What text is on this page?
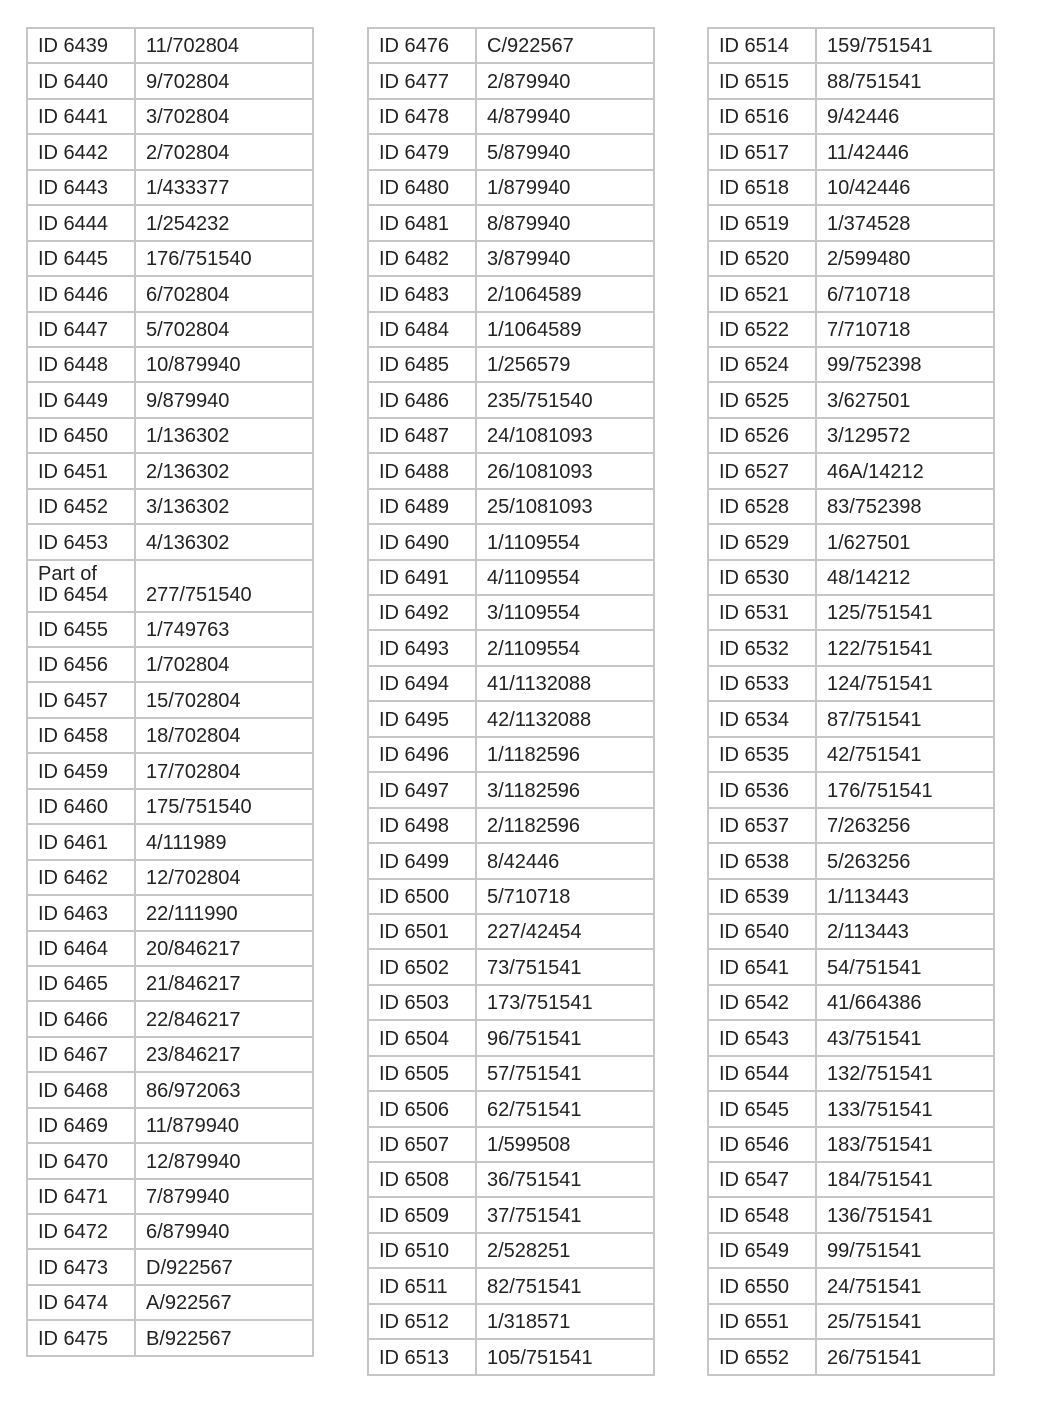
ID 6439	11/702804
ID 6440	9/702804
ID 6441	3/702804
ID 6442	2/702804
ID 6443	1/433377
ID 6444	1/254232
ID 6445	176/751540
ID 6446	6/702804
ID 6447	5/702804
ID 6448	10/879940
ID 6449	9/879940
ID 6450	1/136302
ID 6451	2/136302
ID 6452	3/136302
ID 6453	4/136302
Part of
ID 6454	277/751540
ID 6455	1/749763
ID 6456	1/702804
ID 6457	15/702804
ID 6458	18/702804
ID 6459	17/702804
ID 6460	175/751540
ID 6461	4/111989
ID 6462	12/702804
ID 6463	22/111990
ID 6464	20/846217
ID 6465	21/846217
ID 6466	22/846217
ID 6467	23/846217
ID 6468	86/972063
ID 6469	11/879940
ID 6470	12/879940
ID 6471	7/879940
ID 6472	6/879940
ID 6473	D/922567
ID 6474	A/922567
ID 6475	B/922567
ID 6476	C/922567
ID 6477	2/879940
ID 6478	4/879940
ID 6479	5/879940
ID 6480	1/879940
ID 6481	8/879940
ID 6482	3/879940
ID 6483	2/1064589
ID 6484	1/1064589
ID 6485	1/256579
ID 6486	235/751540
ID 6487	24/1081093
ID 6488	26/1081093
ID 6489	25/1081093
ID 6490	1/1109554
ID 6491	4/1109554
ID 6492	3/1109554
ID 6493	2/1109554
ID 6494	41/1132088
ID 6495	42/1132088
ID 6496	1/1182596
ID 6497	3/1182596
ID 6498	2/1182596
ID 6499	8/42446
ID 6500	5/710718
ID 6501	227/42454
ID 6502	73/751541
ID 6503	173/751541
ID 6504	96/751541
ID 6505	57/751541
ID 6506	62/751541
ID 6507	1/599508
ID 6508	36/751541
ID 6509	37/751541
ID 6510	2/528251
ID 6511	82/751541
ID 6512	1/318571
ID 6513	105/751541
ID 6514	159/751541
ID 6515	88/751541
ID 6516	9/42446
ID 6517	11/42446
ID 6518	10/42446
ID 6519	1/374528
ID 6520	2/599480
ID 6521	6/710718
ID 6522	7/710718
ID 6524	99/752398
ID 6525	3/627501
ID 6526	3/129572
ID 6527	46A/14212
ID 6528	83/752398
ID 6529	1/627501
ID 6530	48/14212
ID 6531	125/751541
ID 6532	122/751541
ID 6533	124/751541
ID 6534	87/751541
ID 6535	42/751541
ID 6536	176/751541
ID 6537	7/263256
ID 6538	5/263256
ID 6539	1/113443
ID 6540	2/113443
ID 6541	54/751541
ID 6542	41/664386
ID 6543	43/751541
ID 6544	132/751541
ID 6545	133/751541
ID 6546	183/751541
ID 6547	184/751541
ID 6548	136/751541
ID 6549	99/751541
ID 6550	24/751541
ID 6551	25/751541
ID 6552	26/751541
